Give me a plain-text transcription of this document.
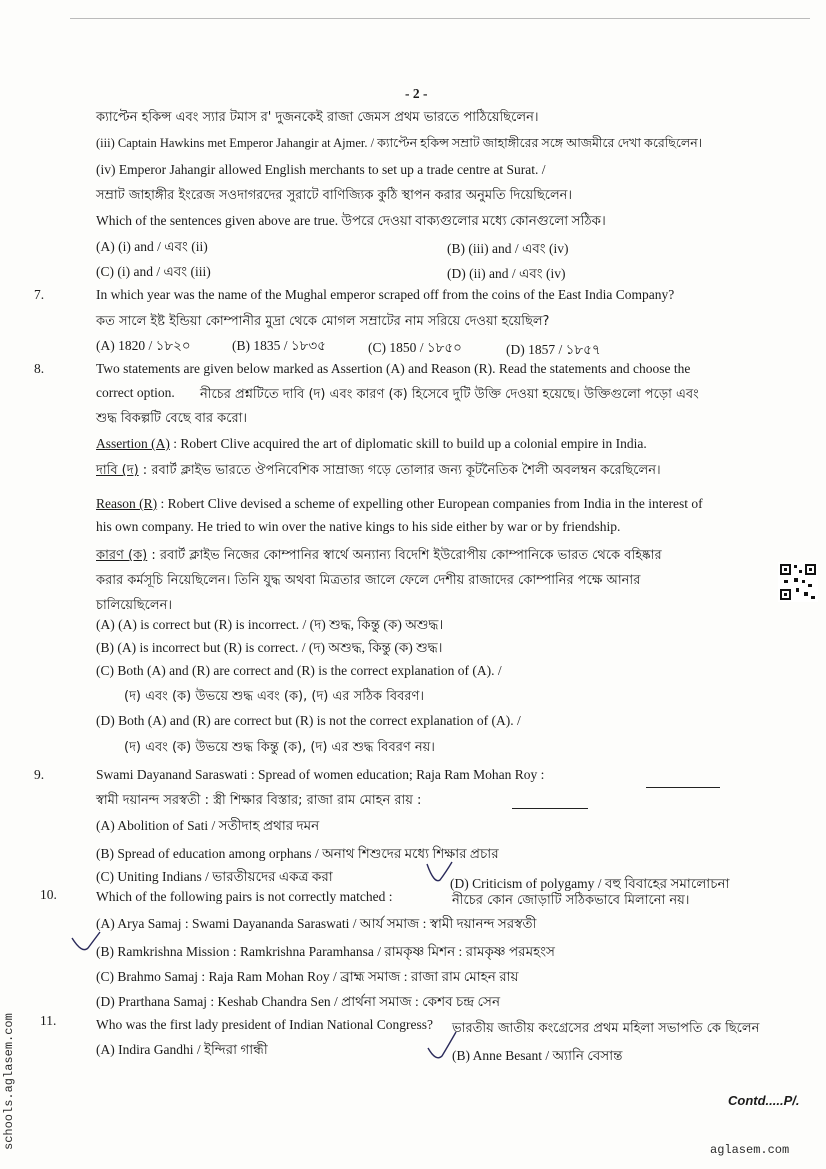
- 2 -
ক্যাপ্টেন হকিন্স এবং স্যার টমাস র' দুজনকেই রাজা জেমস প্রথম ভারতে পাঠিয়েছিলেন।
(iii) Captain Hawkins met Emperor Jahangir at Ajmer. / ক্যাপ্টেন হকিন্স সম্রাট জাহাঙ্গীরের সঙ্গে আজমীরে দেখা করেছিলেন।
(iv) Emperor Jahangir allowed English merchants to set up a trade centre at Surat. /
সম্রাট জাহাঙ্গীর ইংরেজ সওদাগরদের সুরাটে বাণিজ্যিক কুঠি স্থাপন করার অনুমতি দিয়েছিলেন।
Which of the sentences given above are true. উপরে দেওয়া বাক্যগুলোর মধ্যে কোনগুলো সঠিক।
(A) (i) and / এবং (ii)	(B) (iii) and / এবং (iv)
(C) (i) and / এবং (iii)	(D) (ii) and / এবং (iv)
7.	In which year was the name of the Mughal emperor scraped off from the coins of the East India Company?
কত সালে ইষ্ট ইন্ডিয়া কোম্পানীর মুদ্রা থেকে মোগল সম্রাটের নাম সরিয়ে দেওয়া হয়েছিল?
(A) 1820 / ১৮২০	(B) 1835 / ১৮৩৫	(C) 1850 / ১৮৫০	(D) 1857 / ১৮৫৭
8.	Two statements are given below marked as Assertion (A) and Reason (R). Read the statements and choose the
correct option. নীচের প্রশ্নটিতে দাবি (দ) এবং কারণ (ক) হিসেবে দুটি উক্তি দেওয়া হয়েছে। উক্তিগুলো পড়ো এবং
শুদ্ধ বিকল্পটি বেছে বার করো।
Assertion (A) : Robert Clive acquired the art of diplomatic skill to build up a colonial empire in India.
দাবি (দ) : রবার্ট ক্লাইভ ভারতে ঔপনিবেশিক সাম্রাজ্য গড়ে তোলার জন্য কূটনৈতিক শৈলী অবলম্বন করেছিলেন।
Reason (R) : Robert Clive devised a scheme of expelling other European companies from India in the interest of
his own company. He tried to win over the native kings to his side either by war or by friendship.
কারণ (ক) : রবার্ট ক্লাইভ নিজের কোম্পানির স্বার্থে অন্যান্য বিদেশি ইউরোপীয় কোম্পানিকে ভারত থেকে বহিষ্কার
করার কর্মসূচি নিয়েছিলেন। তিনি যুদ্ধ অথবা মিত্রতার জালে ফেলে দেশীয় রাজাদের কোম্পানির পক্ষে আনার
চালিয়েছিলেন।
(A) (A) is correct but (R) is incorrect. / (দ) শুদ্ধ, কিন্তু (ক) অশুদ্ধ।
(B) (A) is incorrect but (R) is correct. / (দ) অশুদ্ধ, কিন্তু (ক) শুদ্ধ।
(C) Both (A) and (R) are correct and (R) is the correct explanation of (A). /
(দ) এবং (ক) উভয়ে শুদ্ধ এবং (ক), (দ) এর সঠিক বিবরণ।
(D) Both (A) and (R) are correct but (R) is not the correct explanation of (A). /
(দ) এবং (ক) উভয়ে শুদ্ধ কিন্তু (ক), (দ) এর শুদ্ধ বিবরণ নয়।
9.	Swami Dayanand Saraswati : Spread of women education; Raja Ram Mohan Roy :
স্বামী দয়ানন্দ সরস্বতী : স্ত্রী শিক্ষার বিস্তার; রাজা রাম মোহন রায় :
(A) Abolition of Sati / সতীদাহ প্রথার দমন
(B) Spread of education among orphans / অনাথ শিশুদের মধ্যে শিক্ষার প্রচার
(C) Uniting Indians / ভারতীয়দের একত্র করা	(D) Criticism of polygamy / বহু বিবাহের সমালোচনা
10.	Which of the following pairs is not correctly matched :	নীচের কোন জোড়াটি সঠিকভাবে মিলানো নয়।
(A) Arya Samaj : Swami Dayananda Saraswati / আর্য সমাজ : স্বামী দয়ানন্দ সরস্বতী
(B) Ramkrishna Mission : Ramkrishna Paramhansa / রামকৃষ্ণ মিশন : রামকৃষ্ণ পরমহংস
(C) Brahmo Samaj : Raja Ram Mohan Roy / ব্রাহ্ম সমাজ : রাজা রাম মোহন রায়
(D) Prarthana Samaj : Keshab Chandra Sen / প্রার্থনা সমাজ : কেশব চন্দ্র সেন
11.	Who was the first lady president of Indian National Congress? ভারতীয় জাতীয় কংগ্রেসের প্রথম মহিলা সভাপতি কে ছিলেন
(A) Indira Gandhi / ইন্দিরা গান্ধী	(B) Anne Besant / অ্যানি বেসান্ত
Contd.....P/.
schools.aglasem.com	aglasem.com
